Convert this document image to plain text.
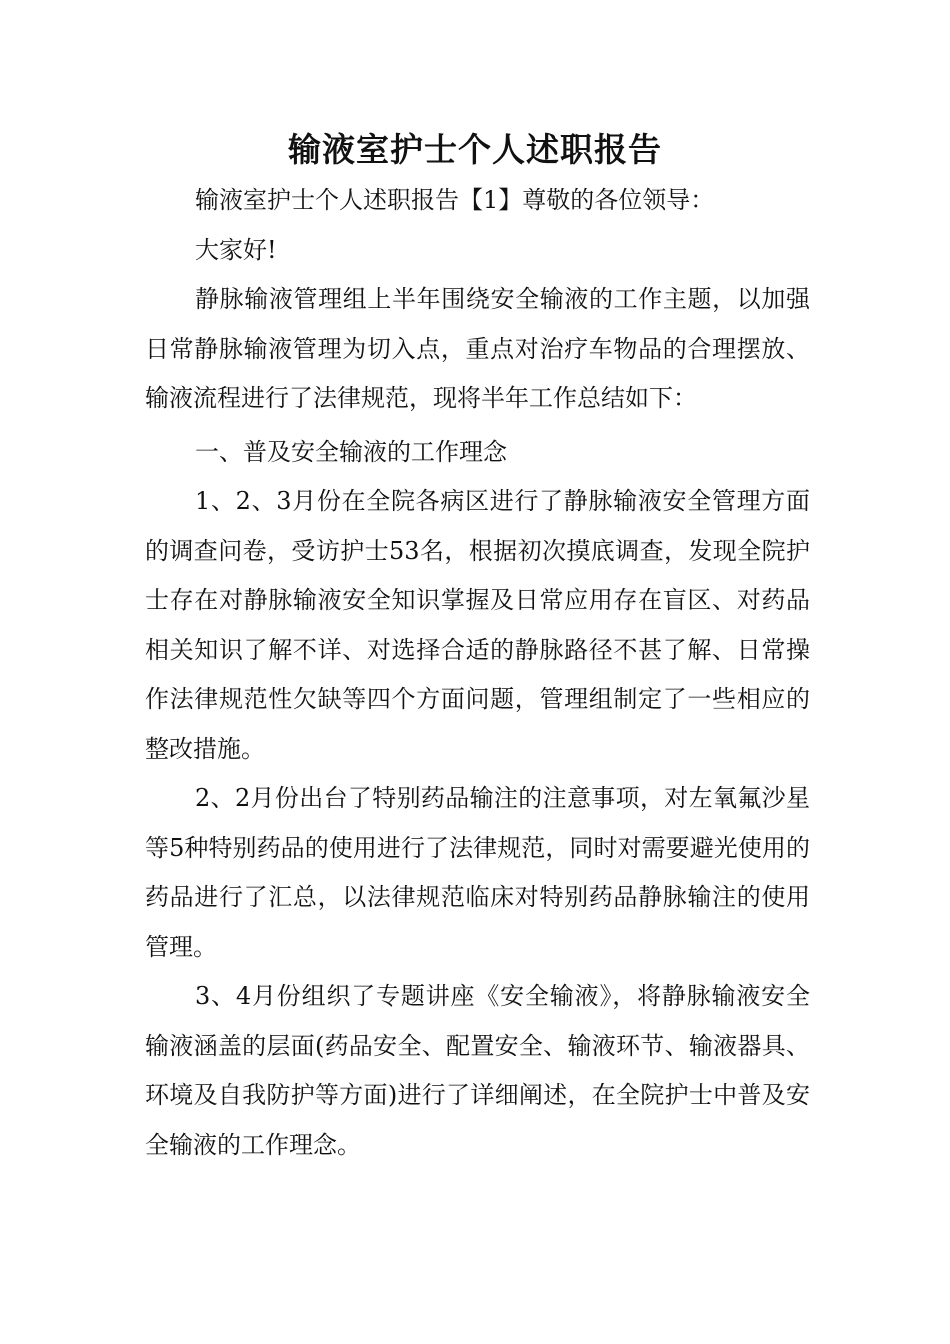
输液室护士个人述职报告

输液室护士个人述职报告【1】尊敬的各位领导：

大家好!

静脉输液管理组上半年围绕安全输液的工作主题，以加强日常静脉输液管理为切入点，重点对治疗车物品的合理摆放、输液流程进行了法律规范，现将半年工作总结如下：

一、普及安全输液的工作理念

1、2、3月份在全院各病区进行了静脉输液安全管理方面的调查问卷，受访护士53名，根据初次摸底调查，发现全院护士存在对静脉输液安全知识掌握及日常应用存在盲区、对药品相关知识了解不详、对选择合适的静脉路径不甚了解、日常操作法律规范性欠缺等四个方面问题，管理组制定了一些相应的整改措施。

2、2月份出台了特别药品输注的注意事项，对左氧氟沙星等5种特别药品的使用进行了法律规范，同时对需要避光使用的药品进行了汇总，以法律规范临床对特别药品静脉输注的使用管理。

3、4月份组织了专题讲座《安全输液》，将静脉输液安全输液涵盖的层面(药品安全、配置安全、输液环节、输液器具、环境及自我防护等方面)进行了详细阐述，在全院护士中普及安全输液的工作理念。
